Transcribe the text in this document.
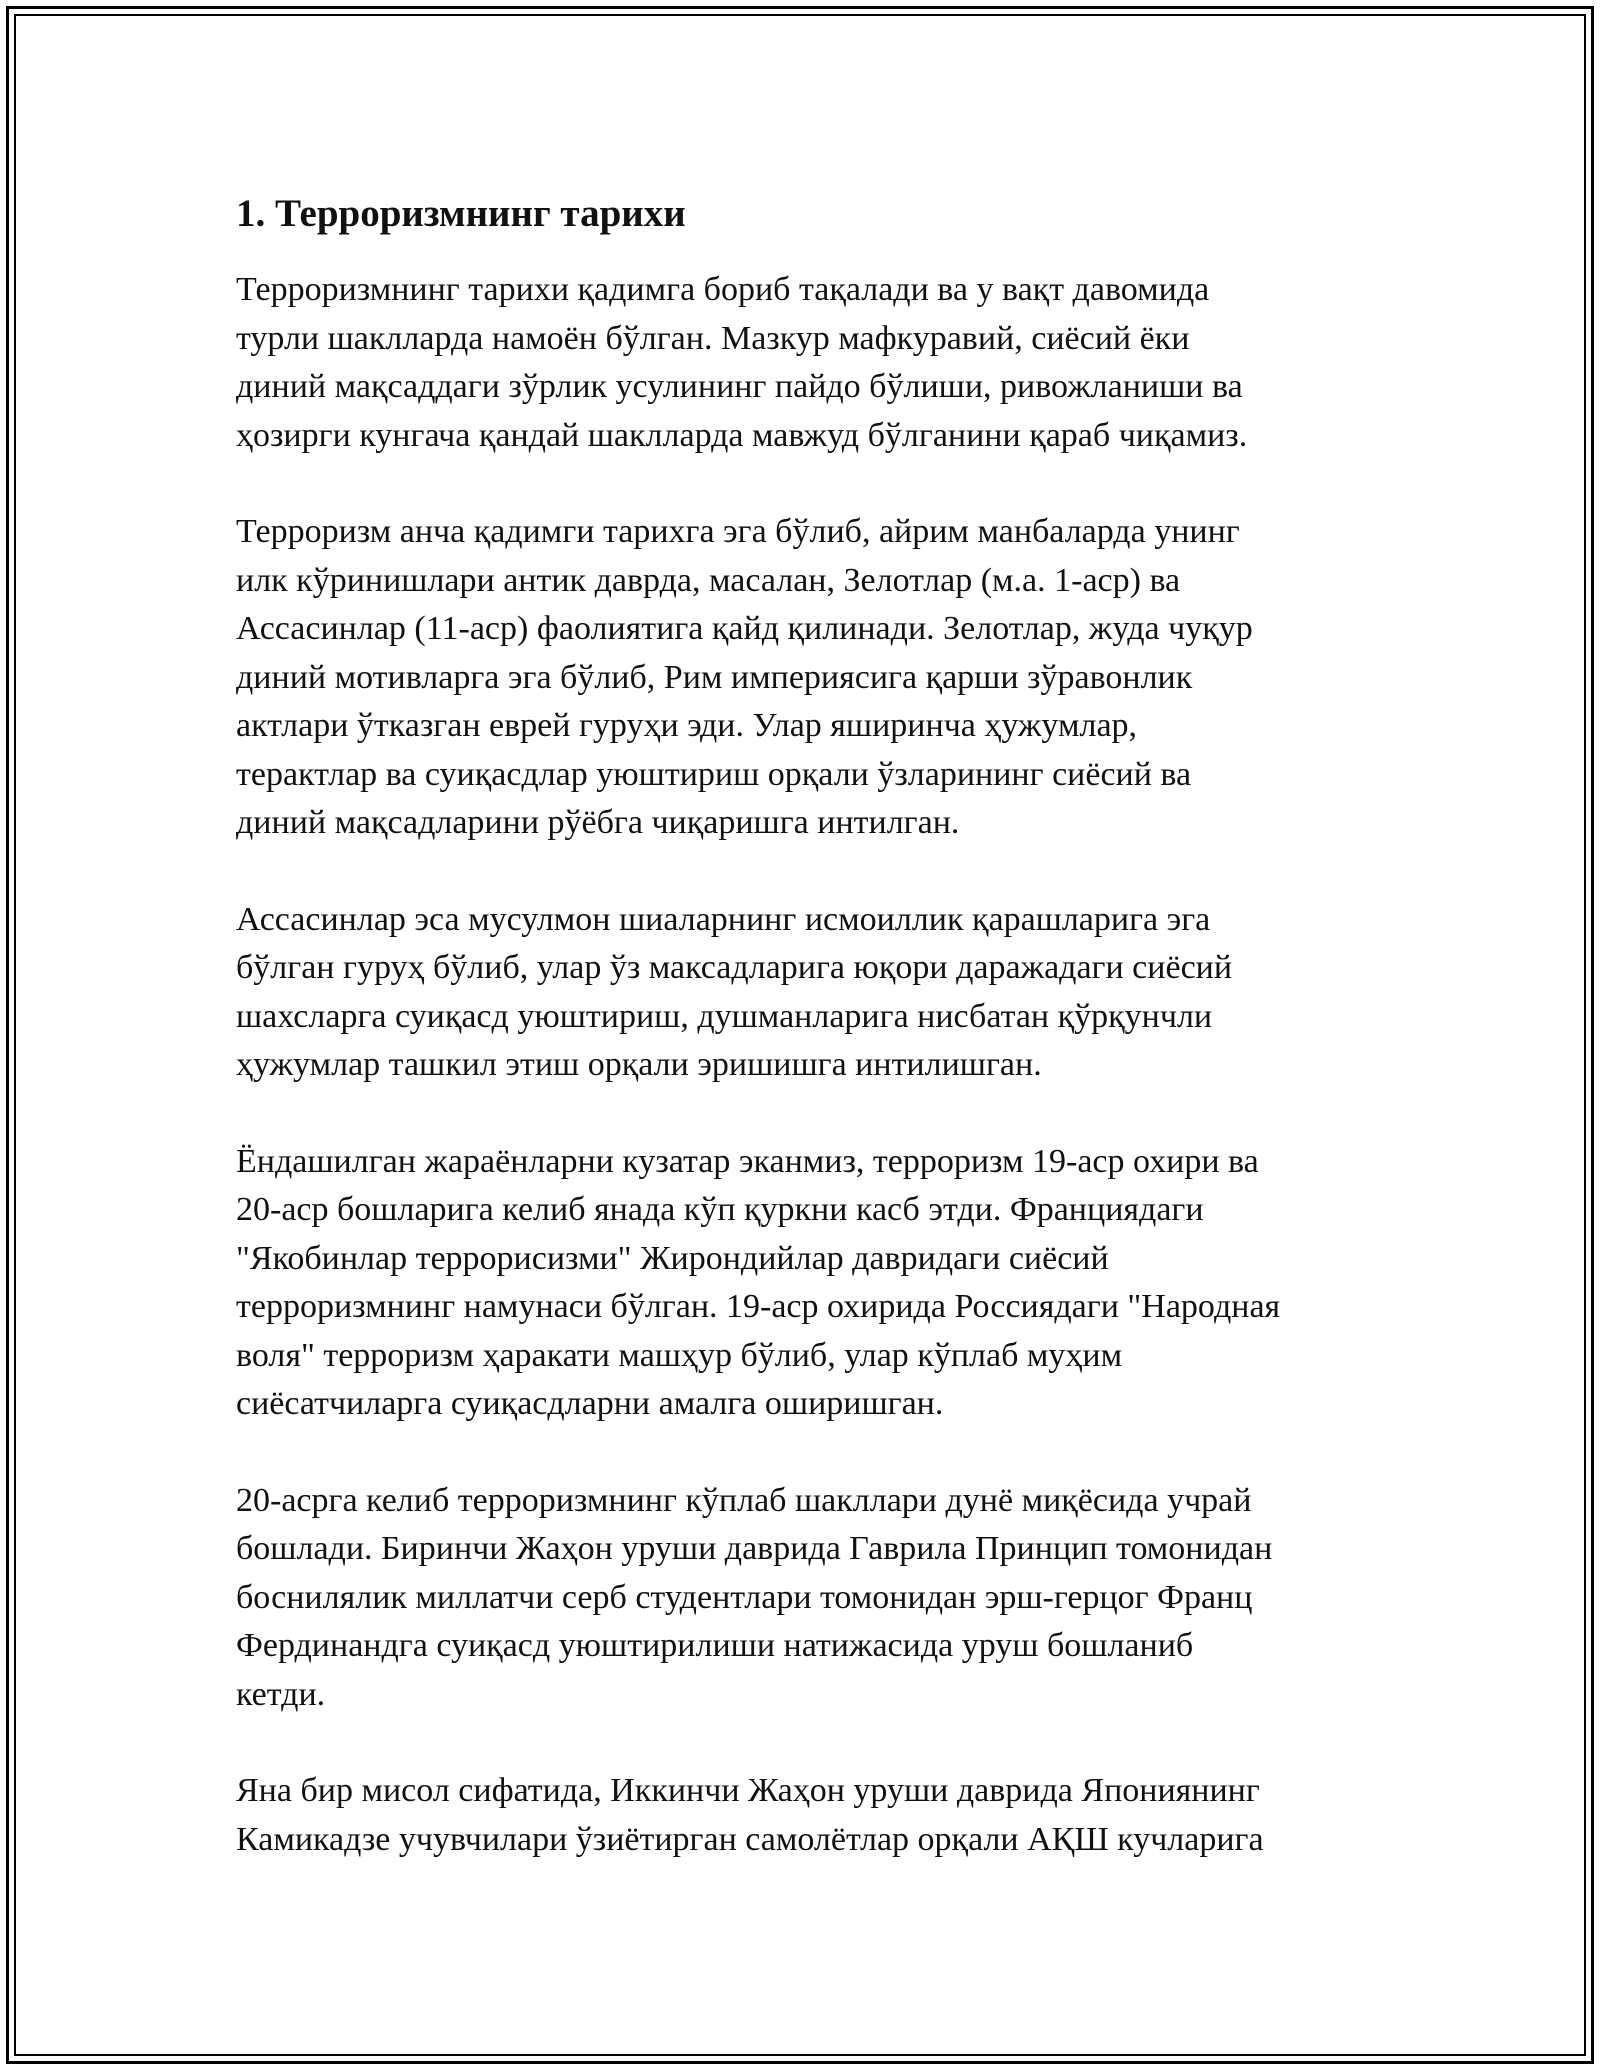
1. Терроризмнинг тарихи
Терроризмнинг тарихи қадимга бориб тақалади ва у вақт давомида
турли шаклларда намоён бўлган. Мазкур мафкуравий, сиёсий ёки
диний мақсаддаги зўрлик усулининг пайдо бўлиши, ривожланиши ва
ҳозирги кунгача қандай шаклларда мавжуд бўлганини қараб чиқамиз.
Терроризм анча қадимги тарихга эга бўлиб, айрим манбаларда унинг
илк кўринишлари антик даврда, масалан, Зелотлар (м.а. 1-аср) ва
Ассасинлар (11-аср) фаолиятига қайд қилинади. Зелотлар, жуда чуқур
диний мотивларга эга бўлиб, Рим империясига қарши зўравонлик
актлари ўтказган еврей гуруҳи эди. Улар яширинча ҳужумлар,
терактлар ва суиқасдлар уюштириш орқали ўзларининг сиёсий ва
диний мақсадларини рўёбга чиқаришга интилган.
Ассасинлар эса мусулмон шиаларнинг исмоиллик қарашларига эга
бўлган гуруҳ бўлиб, улар ўз максадларига юқори даражадаги сиёсий
шахсларга суиқасд уюштириш, душманларига нисбатан қўрқунчли
ҳужумлар ташкил этиш орқали эришишга интилишган.
Ёндашилган жараёнларни кузатар эканмиз, терроризм 19-аср охири ва
20-аср бошларига келиб янада кўп қуркни касб этди. Франциядаги
"Якобинлар террорисизми" Жирондийлар давридаги сиёсий
терроризмнинг намунаси бўлган. 19-аср охирида Россиядаги "Народная
воля" терроризм ҳаракати машҳур бўлиб, улар кўплаб муҳим
сиёсатчиларга суиқасдларни амалга оширишган.
20-асрга келиб терроризмнинг кўплаб шакллари дунё миқёсида учрай
бошлади. Биринчи Жаҳон уруши даврида Гаврила Принцип томонидан
боснилялик миллатчи серб студентлари томонидан эрш-герцог Франц
Фердинандга суиқасд уюштирилиши натижасида уруш бошланиб
кетди.
Яна бир мисол сифатида, Иккинчи Жаҳон уруши даврида Япониянинг
Камикадзе учувчилари ўзиётирган самолётлар орқали АҚШ кучларига
